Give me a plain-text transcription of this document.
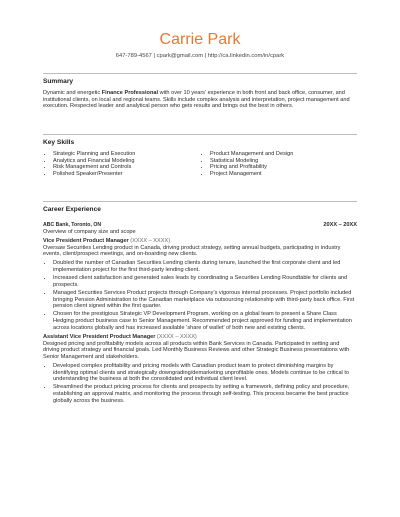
Carrie Park
647-789-4567 | cpark@gmail.com | http://ca.linkedin.com/in/cpark
Summary

Dynamic and energetic Finance Professional with over 10 years’ experience in both front and back office, consumer, and institutional clients, on local and regional teams. Skills include complex analysis and interpretation, project management and execution. Respected leader and analytical person who gets results and brings out the best in others.

Key Skills
• Strategic Planning and Execution
• Analytics and Financial Modeling
• Risk Management and Controls
• Polished Speaker/Presenter
• Product Management and Design
• Statistical Modeling
• Pricing and Profitability
• Project Management
Career Experience
ABC Bank, Toronto, ON	20XX – 20XX

Overview of company size and scope

Vice President Product Manager (XXXX – XXXX)

Oversaw Securities Lending product in Canada, driving product strategy, setting annual budgets, participating in industry events, client/prospect meetings, and on-boarding new clients.

• Doubled the number of Canadian Securities Lending clients during tenure, launched the first corporate client and led implementation project for the first third-party lending client.
• Increased client satisfaction and generated sales leads by coordinating a Securities Lending Roundtable for clients and prospects.
• Managed Securities Services Product projects through Company’s vigorous internal processes. Project portfolio included bringing Pension Administration to the Canadian marketplace via outsourcing relationship with third-party back office. First pension client signed within the first quarter.
• Chosen for the prestigious Strategic VP Development Program, working on a global team to present a Share Class Hedging product business case to Senior Management. Recommended project approved for funding and implementation across locations globally and has increased available ‘share of wallet’ of both new and existing clients.
Assistant Vice President Product Manager (XXXX – XXXX)

Designed pricing and profitability models across all products within Bank Services in Canada. Participated in setting and driving product strategy and financial goals. Led Monthly Business Reviews and other Strategic Business presentations with Senior Management and stakeholders.

• Developed complex profitability and pricing models with Canadian product team to protect diminishing margins by identifying optimal clients and strategically downgrading/demarketing unprofitable ones. Models continue to be critical to understanding the business at both the consolidated and individual client level.
• Streamlined the product pricing process for clients and prospects by setting a framework, defining policy and procedure, establishing an approval matrix, and monitoring the process through self-testing. This process became the best practice globally across the business.
